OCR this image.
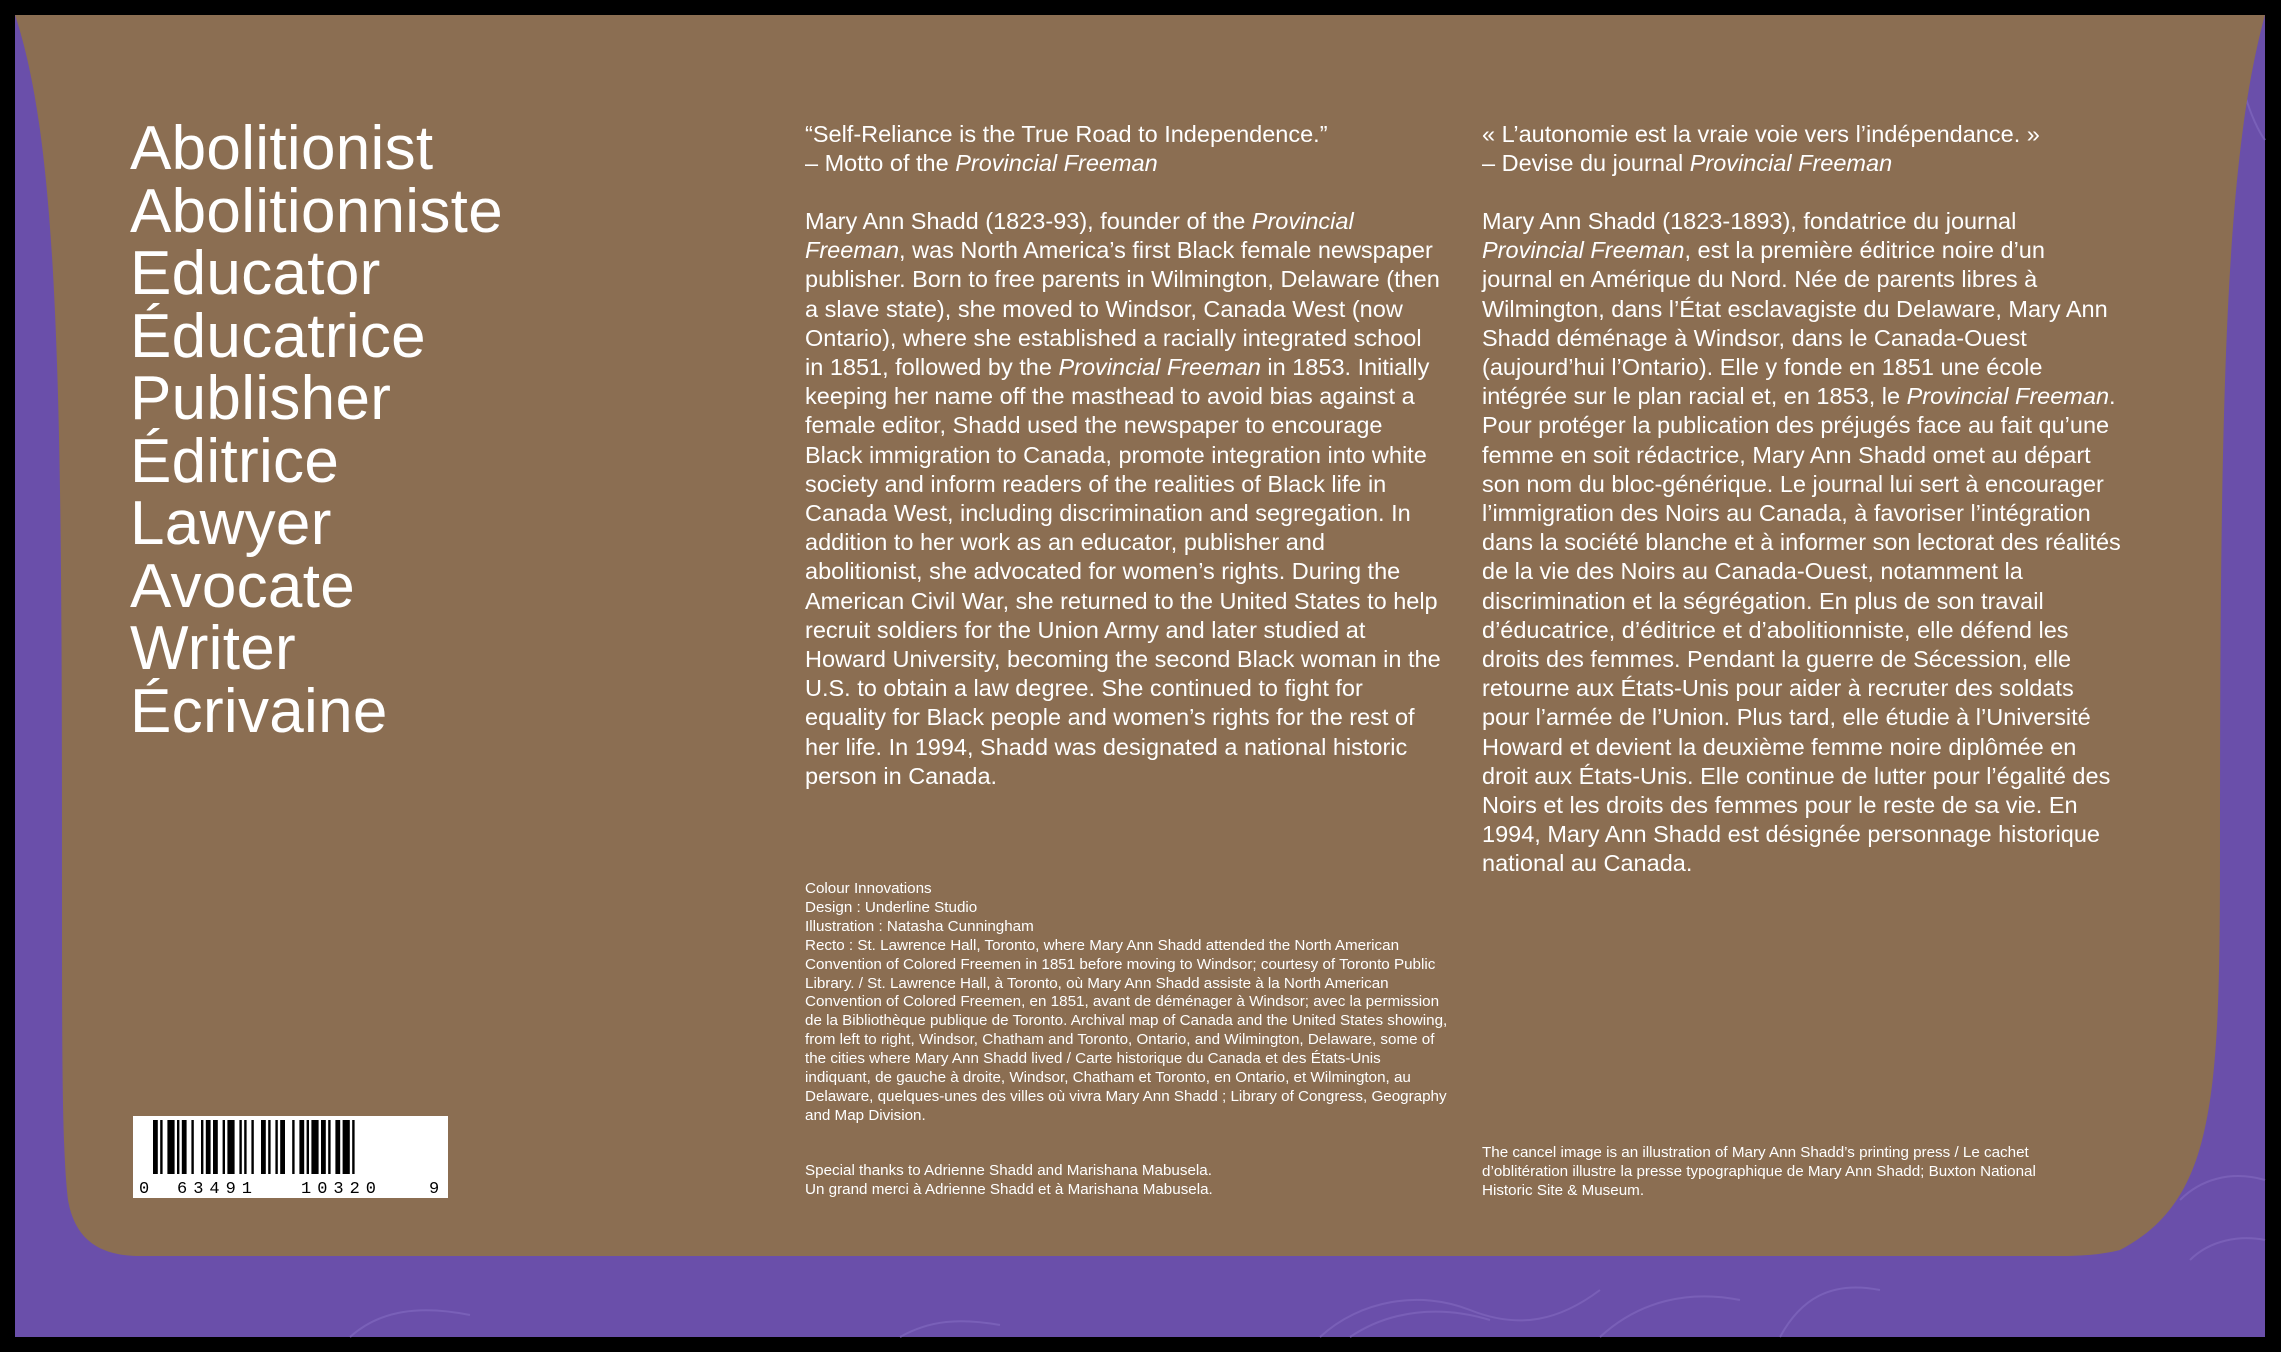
Abolitionist
Abolitionniste
Educator
Éducatrice
Publisher
Éditrice
Lawyer
Avocate
Writer
Écrivaine
“Self-Reliance is the True Road to Independence.”
– Motto of the Provincial Freeman
Mary Ann Shadd (1823-93), founder of the Provincial Freeman, was North America’s first Black female newspaper publisher. Born to free parents in Wilmington, Delaware (then a slave state), she moved to Windsor, Canada West (now Ontario), where she established a racially integrated school in 1851, followed by the Provincial Freeman in 1853. Initially keeping her name off the masthead to avoid bias against a female editor, Shadd used the newspaper to encourage Black immigration to Canada, promote integration into white society and inform readers of the realities of Black life in Canada West, including discrimination and segregation. In addition to her work as an educator, publisher and abolitionist, she advocated for women’s rights. During the American Civil War, she returned to the United States to help recruit soldiers for the Union Army and later studied at Howard University, becoming the second Black woman in the U.S. to obtain a law degree. She continued to fight for equality for Black people and women’s rights for the rest of her life. In 1994, Shadd was designated a national historic person in Canada.
« L’autonomie est la vraie voie vers l’indépendance. »
– Devise du journal Provincial Freeman
Mary Ann Shadd (1823-1893), fondatrice du journal Provincial Freeman, est la première éditrice noire d’un journal en Amérique du Nord. Née de parents libres à Wilmington, dans l’État esclavagiste du Delaware, Mary Ann Shadd déménage à Windsor, dans le Canada-Ouest (aujourd’hui l’Ontario). Elle y fonde en 1851 une école intégrée sur le plan racial et, en 1853, le Provincial Freeman. Pour protéger la publication des préjugés face au fait qu’une femme en soit rédactrice, Mary Ann Shadd omet au départ son nom du bloc-générique. Le journal lui sert à encourager l’immigration des Noirs au Canada, à favoriser l’intégration dans la société blanche et à informer son lectorat des réalités de la vie des Noirs au Canada-Ouest, notamment la discrimination et la ségrégation. En plus de son travail d’éducatrice, d’éditrice et d’abolitionniste, elle défend les droits des femmes. Pendant la guerre de Sécession, elle retourne aux États-Unis pour aider à recruter des soldats pour l’armée de l’Union. Plus tard, elle étudie à l’Université Howard et devient la deuxième femme noire diplômée en droit aux États-Unis. Elle continue de lutter pour l’égalité des Noirs et les droits des femmes pour le reste de sa vie. En 1994, Mary Ann Shadd est désignée personnage historique national au Canada.
Colour Innovations
Design : Underline Studio
Illustration : Natasha Cunningham
Recto : St. Lawrence Hall, Toronto, where Mary Ann Shadd attended the North American Convention of Colored Freemen in 1851 before moving to Windsor; courtesy of Toronto Public Library. / St. Lawrence Hall, à Toronto, où Mary Ann Shadd assiste à la North American Convention of Colored Freemen, en 1851, avant de déménager à Windsor; avec la permission de la Bibliothèque publique de Toronto. Archival map of Canada and the United States showing, from left to right, Windsor, Chatham and Toronto, Ontario, and Wilmington, Delaware, some of the cities where Mary Ann Shadd lived / Carte historique du Canada et des États-Unis indiquant, de gauche à droite, Windsor, Chatham et Toronto, en Ontario, et Wilmington, au Delaware, quelques-unes des villes où vivra Mary Ann Shadd ; Library of Congress, Geography and Map Division.
Special thanks to Adrienne Shadd and Marishana Mabusela.
Un grand merci à Adrienne Shadd et à Marishana Mabusela.
The cancel image is an illustration of Mary Ann Shadd’s printing press / Le cachet d’oblitération illustre la presse typographique de Mary Ann Shadd; Buxton National Historic Site & Museum.
0 63491	10320	9
